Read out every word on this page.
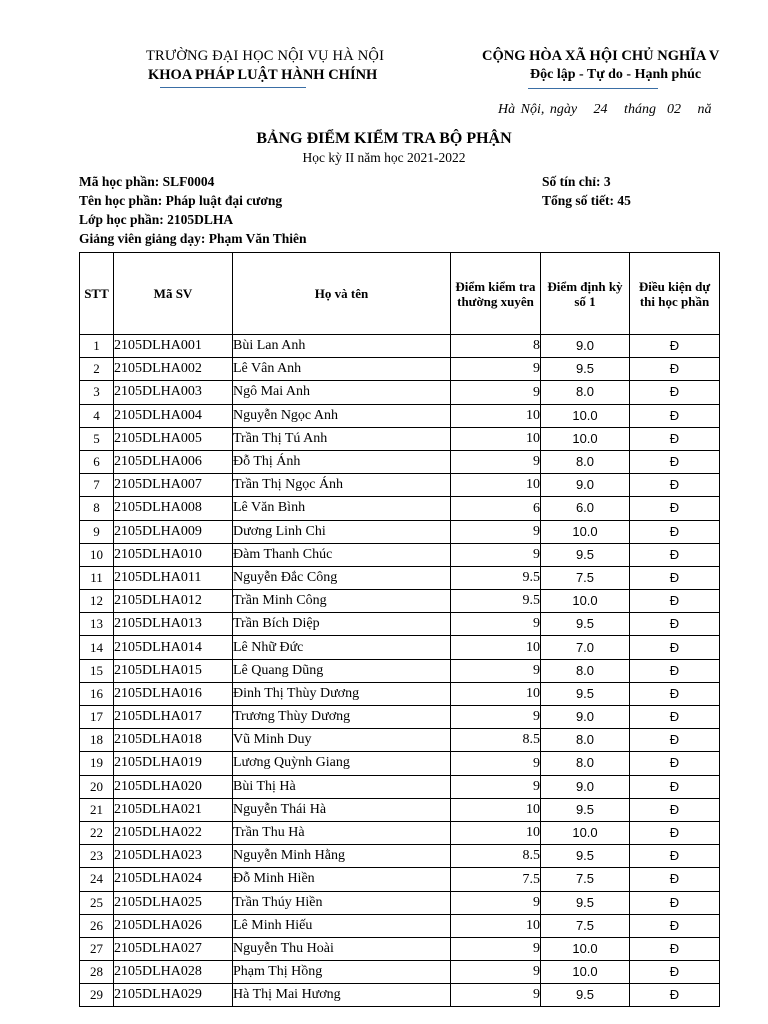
TRƯỜNG ĐẠI HỌC NỘI VỤ HÀ NỘI
KHOA PHÁP LUẬT HÀNH CHÍNH
CỘNG HÒA XÃ HỘI CHỦ NGHĨA V
Độc lập - Tự do - Hạnh phúc
Hà Nội, ngày   24   tháng  02   nă
BẢNG ĐIỂM KIỂM TRA BỘ PHẬN
Học kỳ II năm học 2021-2022
Mã học phần: SLF0004
Tên học phần: Pháp luật đại cương
Lớp học phần: 2105DLHA
Giảng viên giảng dạy: Phạm Văn Thiên
Số tín chỉ: 3
Tổng số tiết: 45
STT	Mã SV	Họ và tên	Điểm kiểm tra thường xuyên	Điểm định kỳ số 1	Điều kiện dự thi học phần
1	2105DLHA001	Bùi Lan Anh	8	9.0	Đ
2	2105DLHA002	Lê Vân Anh	9	9.5	Đ
3	2105DLHA003	Ngô Mai Anh	9	8.0	Đ
4	2105DLHA004	Nguyễn Ngọc Anh	10	10.0	Đ
5	2105DLHA005	Trần Thị Tú Anh	10	10.0	Đ
6	2105DLHA006	Đỗ Thị Ánh	9	8.0	Đ
7	2105DLHA007	Trần Thị Ngọc Ánh	10	9.0	Đ
8	2105DLHA008	Lê Văn Bình	6	6.0	Đ
9	2105DLHA009	Dương Linh Chi	9	10.0	Đ
10	2105DLHA010	Đàm Thanh Chúc	9	9.5	Đ
11	2105DLHA011	Nguyễn Đắc Công	9.5	7.5	Đ
12	2105DLHA012	Trần Minh Công	9.5	10.0	Đ
13	2105DLHA013	Trần Bích Diệp	9	9.5	Đ
14	2105DLHA014	Lê Nhữ Đức	10	7.0	Đ
15	2105DLHA015	Lê Quang Dũng	9	8.0	Đ
16	2105DLHA016	Đinh Thị Thùy Dương	10	9.5	Đ
17	2105DLHA017	Trương Thùy Dương	9	9.0	Đ
18	2105DLHA018	Vũ Minh Duy	8.5	8.0	Đ
19	2105DLHA019	Lương Quỳnh Giang	9	8.0	Đ
20	2105DLHA020	Bùi Thị Hà	9	9.0	Đ
21	2105DLHA021	Nguyễn Thái Hà	10	9.5	Đ
22	2105DLHA022	Trần Thu Hà	10	10.0	Đ
23	2105DLHA023	Nguyễn Minh Hằng	8.5	9.5	Đ
24	2105DLHA024	Đỗ Minh Hiền	7.5	7.5	Đ
25	2105DLHA025	Trần Thúy Hiền	9	9.5	Đ
26	2105DLHA026	Lê Minh Hiếu	10	7.5	Đ
27	2105DLHA027	Nguyễn Thu Hoài	9	10.0	Đ
28	2105DLHA028	Phạm Thị Hồng	9	10.0	Đ
29	2105DLHA029	Hà Thị Mai Hương	9	9.5	Đ
